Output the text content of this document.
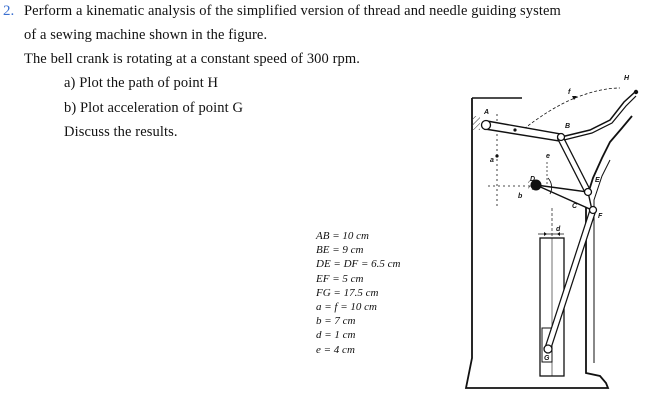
2. Perform a kinematic analysis of the simplified version of thread and needle guiding system
of a sewing machine shown in the figure.
The bell crank is rotating at a constant speed of 300 rpm.
a) Plot the path of point H
b) Plot acceleration of point G
Discuss the results.
AB = 10 cm
BE = 9 cm
DE = DF = 6.5 cm
EF = 5 cm
FG = 17.5 cm
a = f = 10 cm
b = 7 cm
d = 1 cm
e = 4 cm
A
B
C
D	E
F
G
H
a
b
d
e
f
